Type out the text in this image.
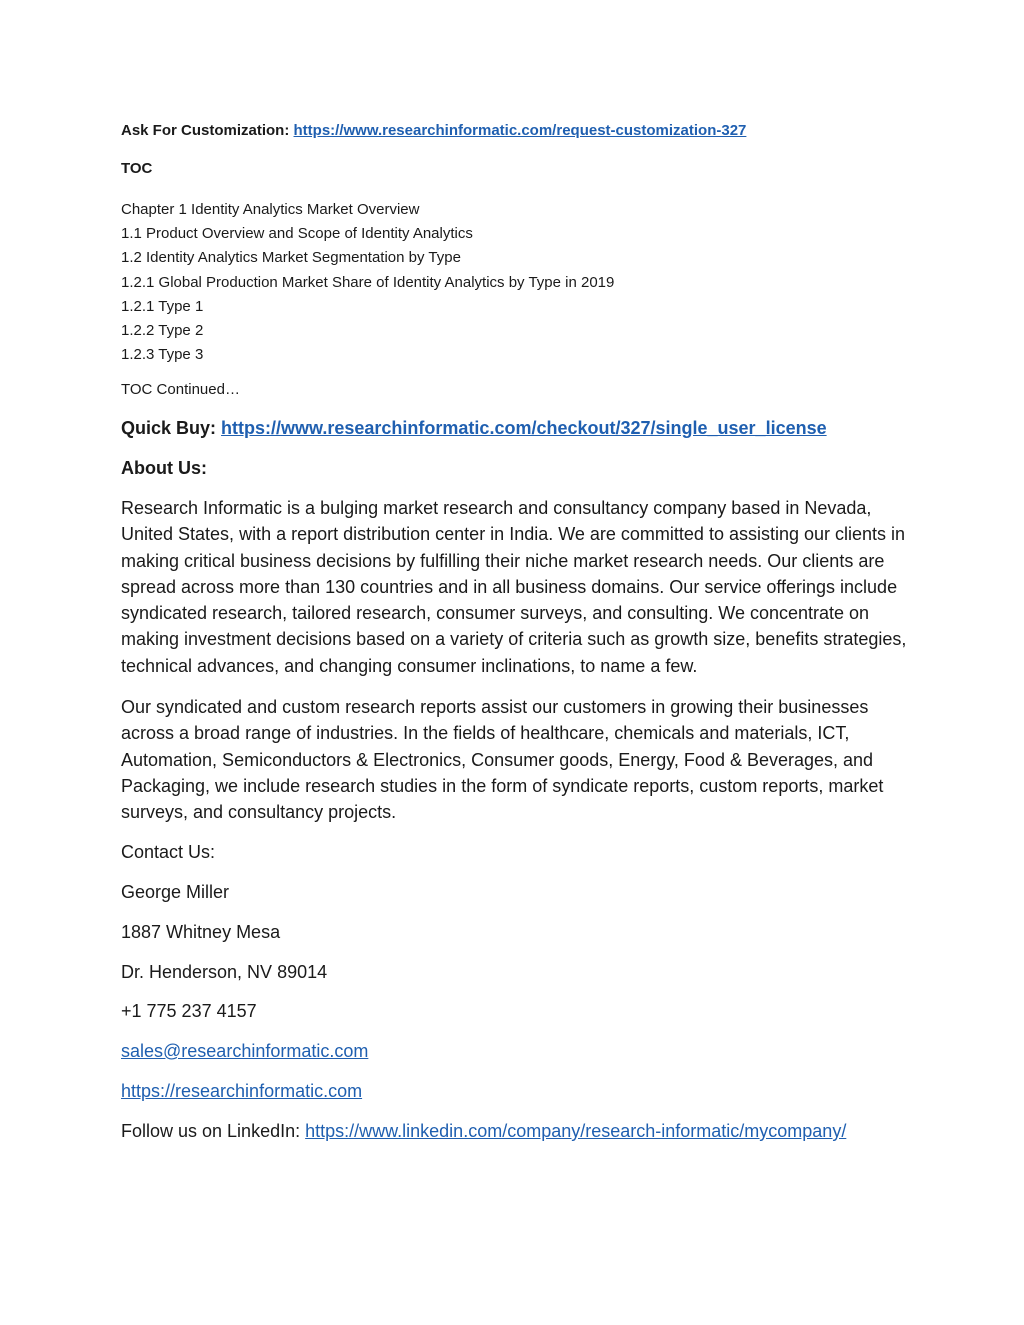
Ask For Customization: https://www.researchinformatic.com/request-customization-327
TOC
Chapter 1 Identity Analytics Market Overview
1.1 Product Overview and Scope of Identity Analytics
1.2 Identity Analytics Market Segmentation by Type
1.2.1 Global Production Market Share of Identity Analytics by Type in 2019
1.2.1 Type 1
1.2.2 Type 2
1.2.3 Type 3
TOC Continued…
Quick Buy: https://www.researchinformatic.com/checkout/327/single_user_license
About Us:
Research Informatic is a bulging market research and consultancy company based in Nevada, United States, with a report distribution center in India. We are committed to assisting our clients in making critical business decisions by fulfilling their niche market research needs. Our clients are spread across more than 130 countries and in all business domains. Our service offerings include syndicated research, tailored research, consumer surveys, and consulting. We concentrate on making investment decisions based on a variety of criteria such as growth size, benefits strategies, technical advances, and changing consumer inclinations, to name a few.
Our syndicated and custom research reports assist our customers in growing their businesses across a broad range of industries. In the fields of healthcare, chemicals and materials, ICT, Automation, Semiconductors & Electronics, Consumer goods, Energy, Food & Beverages, and Packaging, we include research studies in the form of syndicate reports, custom reports, market surveys, and consultancy projects.
Contact Us:
George Miller
1887 Whitney Mesa
Dr. Henderson, NV 89014
+1 775 237 4157
sales@researchinformatic.com
https://researchinformatic.com
Follow us on LinkedIn: https://www.linkedin.com/company/research-informatic/mycompany/
